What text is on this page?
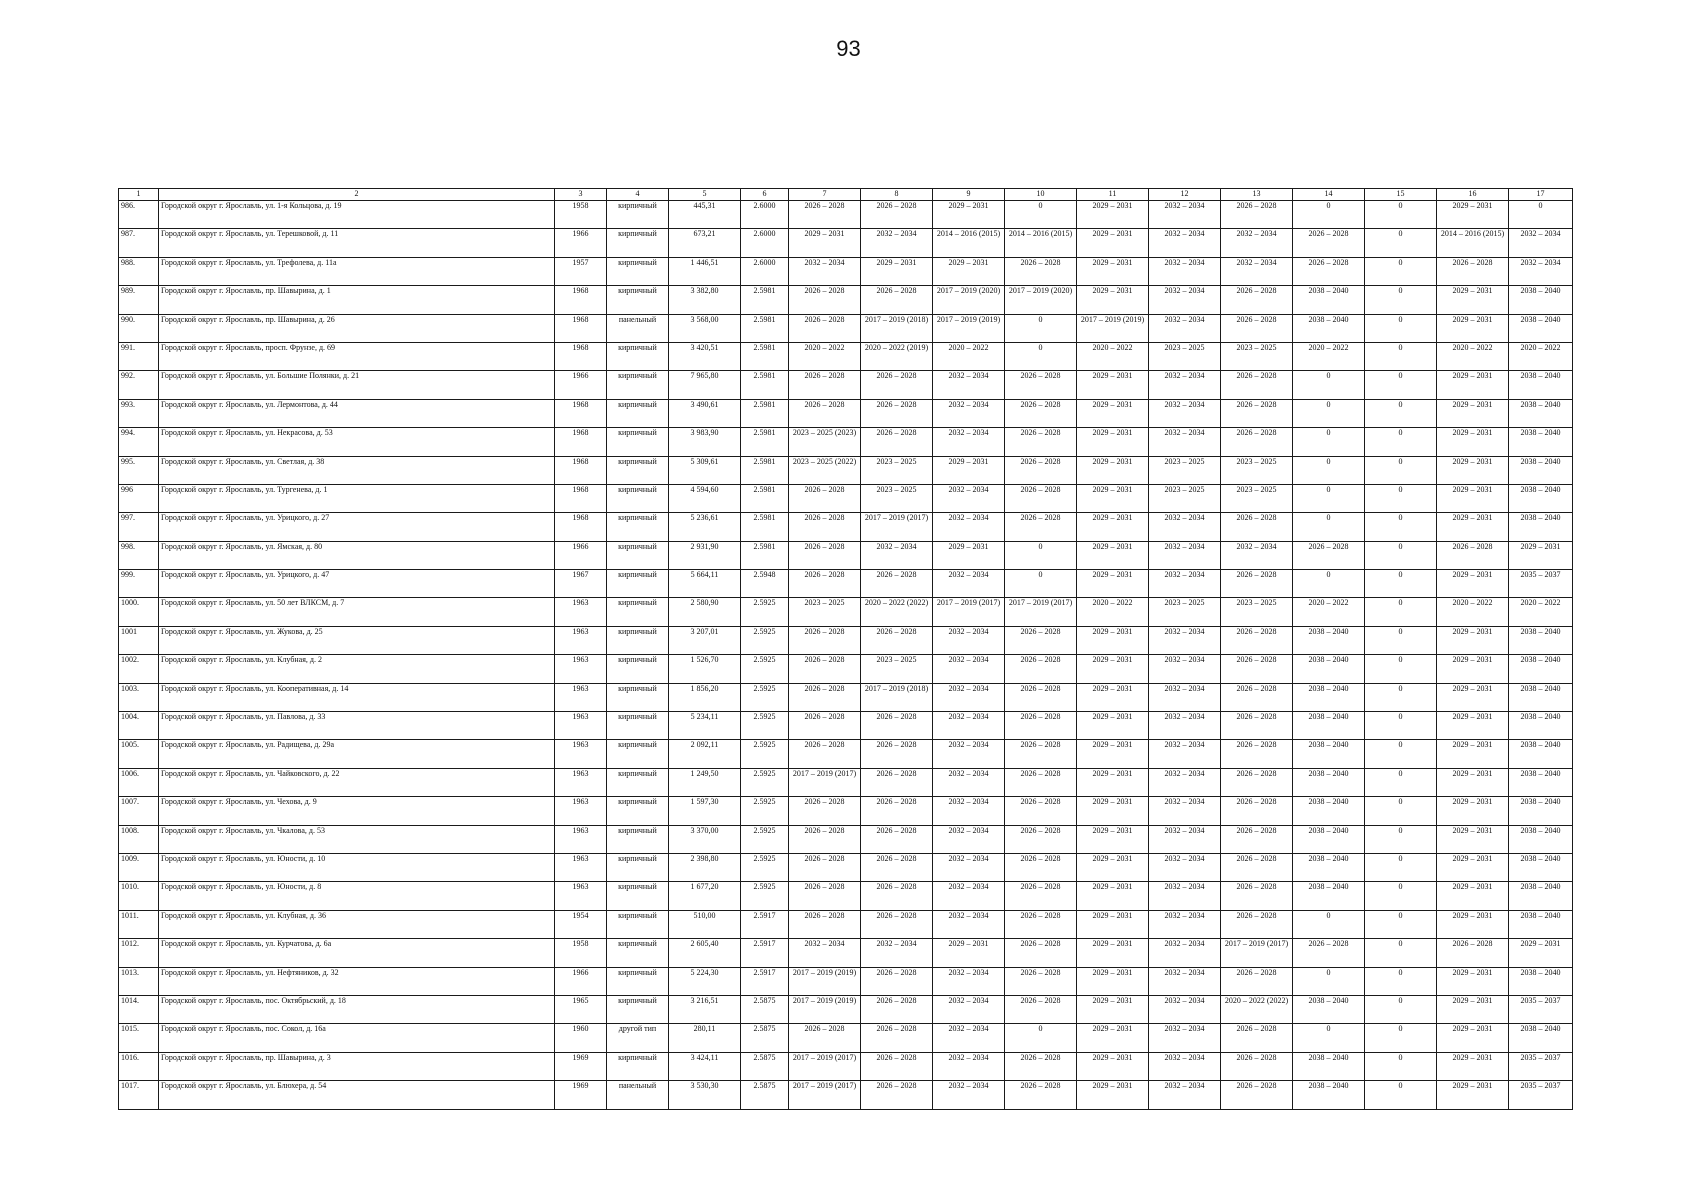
93
1	2	3	4	5	6	7	8	9	10	11	12	13	14	15	16	17
986.	Городской округ г. Ярославль, ул. 1-я Кольцова, д. 19	1958	кирпичный	445,31	2.6000	2026 – 2028	2026 – 2028	2029 – 2031	0	2029 – 2031	2032 – 2034	2026 – 2028	0	0	2029 – 2031	0
987.	Городской округ г. Ярославль, ул. Терешковой, д. 11	1966	кирпичный	673,21	2.6000	2029 – 2031	2032 – 2034	2014 – 2016 (2015)	2014 – 2016 (2015)	2029 – 2031	2032 – 2034	2032 – 2034	2026 – 2028	0	2014 – 2016 (2015)	2032 – 2034
988.	Городской округ г. Ярославль, ул. Трефолева, д. 11а	1957	кирпичный	1 446,51	2.6000	2032 – 2034	2029 – 2031	2029 – 2031	2026 – 2028	2029 – 2031	2032 – 2034	2032 – 2034	2026 – 2028	0	2026 – 2028	2032 – 2034
989.	Городской округ г. Ярославль, пр. Шавырина, д. 1	1968	кирпичный	3 382,80	2.5981	2026 – 2028	2026 – 2028	2017 – 2019 (2020)	2017 – 2019 (2020)	2029 – 2031	2032 – 2034	2026 – 2028	2038 – 2040	0	2029 – 2031	2038 – 2040
990.	Городской округ г. Ярославль, пр. Шавырина, д. 26	1968	панельный	3 568,00	2.5981	2026 – 2028	2017 – 2019 (2018)	2017 – 2019 (2019)	0	2017 – 2019 (2019)	2032 – 2034	2026 – 2028	2038 – 2040	0	2029 – 2031	2038 – 2040
991.	Городской округ г. Ярославль, просп. Фрунзе, д. 69	1968	кирпичный	3 420,51	2.5981	2020 – 2022	2020 – 2022 (2019)	2020 – 2022	0	2020 – 2022	2023 – 2025	2023 – 2025	2020 – 2022	0	2020 – 2022	2020 – 2022
992.	Городской округ г. Ярославль, ул. Большие Полянки, д. 21	1966	кирпичный	7 965,80	2.5981	2026 – 2028	2026 – 2028	2032 – 2034	2026 – 2028	2029 – 2031	2032 – 2034	2026 – 2028	0	0	2029 – 2031	2038 – 2040
993.	Городской округ г. Ярославль, ул. Лермонтова, д. 44	1968	кирпичный	3 490,61	2.5981	2026 – 2028	2026 – 2028	2032 – 2034	2026 – 2028	2029 – 2031	2032 – 2034	2026 – 2028	0	0	2029 – 2031	2038 – 2040
994.	Городской округ г. Ярославль, ул. Некрасова, д. 53	1968	кирпичный	3 983,90	2.5981	2023 – 2025 (2023)	2026 – 2028	2032 – 2034	2026 – 2028	2029 – 2031	2032 – 2034	2026 – 2028	0	0	2029 – 2031	2038 – 2040
995.	Городской округ г. Ярославль, ул. Светлая, д. 38	1968	кирпичный	5 309,61	2.5981	2023 – 2025 (2022)	2023 – 2025	2029 – 2031	2026 – 2028	2029 – 2031	2023 – 2025	2023 – 2025	0	0	2029 – 2031	2038 – 2040
996	Городской округ г. Ярославль, ул. Тургенева, д. 1	1968	кирпичный	4 594,60	2.5981	2026 – 2028	2023 – 2025	2032 – 2034	2026 – 2028	2029 – 2031	2023 – 2025	2023 – 2025	0	0	2029 – 2031	2038 – 2040
997.	Городской округ г. Ярославль, ул. Урицкого, д. 27	1968	кирпичный	5 236,61	2.5981	2026 – 2028	2017 – 2019 (2017)	2032 – 2034	2026 – 2028	2029 – 2031	2032 – 2034	2026 – 2028	0	0	2029 – 2031	2038 – 2040
998.	Городской округ г. Ярославль, ул. Ямская, д. 80	1966	кирпичный	2 931,90	2.5981	2026 – 2028	2032 – 2034	2029 – 2031	0	2029 – 2031	2032 – 2034	2032 – 2034	2026 – 2028	0	2026 – 2028	2029 – 2031
999.	Городской округ г. Ярославль, ул. Урицкого, д. 47	1967	кирпичный	5 664,11	2.5948	2026 – 2028	2026 – 2028	2032 – 2034	0	2029 – 2031	2032 – 2034	2026 – 2028	0	0	2029 – 2031	2035 – 2037
1000.	Городской округ г. Ярославль, ул. 50 лет ВЛКСМ, д. 7	1963	кирпичный	2 580,90	2.5925	2023 – 2025	2020 – 2022 (2022)	2017 – 2019 (2017)	2017 – 2019 (2017)	2020 – 2022	2023 – 2025	2023 – 2025	2020 – 2022	0	2020 – 2022	2020 – 2022
1001	Городской округ г. Ярославль, ул. Жукова, д. 25	1963	кирпичный	3 207,01	2.5925	2026 – 2028	2026 – 2028	2032 – 2034	2026 – 2028	2029 – 2031	2032 – 2034	2026 – 2028	2038 – 2040	0	2029 – 2031	2038 – 2040
1002.	Городской округ г. Ярославль, ул. Клубная, д. 2	1963	кирпичный	1 526,70	2.5925	2026 – 2028	2023 – 2025	2032 – 2034	2026 – 2028	2029 – 2031	2032 – 2034	2026 – 2028	2038 – 2040	0	2029 – 2031	2038 – 2040
1003.	Городской округ г. Ярославль, ул. Кооперативная, д. 14	1963	кирпичный	1 856,20	2.5925	2026 – 2028	2017 – 2019 (2018)	2032 – 2034	2026 – 2028	2029 – 2031	2032 – 2034	2026 – 2028	2038 – 2040	0	2029 – 2031	2038 – 2040
1004.	Городской округ г. Ярославль, ул. Павлова, д. 33	1963	кирпичный	5 234,11	2.5925	2026 – 2028	2026 – 2028	2032 – 2034	2026 – 2028	2029 – 2031	2032 – 2034	2026 – 2028	2038 – 2040	0	2029 – 2031	2038 – 2040
1005.	Городской округ г. Ярославль, ул. Радищева, д. 29а	1963	кирпичный	2 092,11	2.5925	2026 – 2028	2026 – 2028	2032 – 2034	2026 – 2028	2029 – 2031	2032 – 2034	2026 – 2028	2038 – 2040	0	2029 – 2031	2038 – 2040
1006.	Городской округ г. Ярославль, ул. Чайковского, д. 22	1963	кирпичный	1 249,50	2.5925	2017 – 2019 (2017)	2026 – 2028	2032 – 2034	2026 – 2028	2029 – 2031	2032 – 2034	2026 – 2028	2038 – 2040	0	2029 – 2031	2038 – 2040
1007.	Городской округ г. Ярославль, ул. Чехова, д. 9	1963	кирпичный	1 597,30	2.5925	2026 – 2028	2026 – 2028	2032 – 2034	2026 – 2028	2029 – 2031	2032 – 2034	2026 – 2028	2038 – 2040	0	2029 – 2031	2038 – 2040
1008.	Городской округ г. Ярославль, ул. Чкалова, д. 53	1963	кирпичный	3 370,00	2.5925	2026 – 2028	2026 – 2028	2032 – 2034	2026 – 2028	2029 – 2031	2032 – 2034	2026 – 2028	2038 – 2040	0	2029 – 2031	2038 – 2040
1009.	Городской округ г. Ярославль, ул. Юности, д. 10	1963	кирпичный	2 398,80	2.5925	2026 – 2028	2026 – 2028	2032 – 2034	2026 – 2028	2029 – 2031	2032 – 2034	2026 – 2028	2038 – 2040	0	2029 – 2031	2038 – 2040
1010.	Городской округ г. Ярославль, ул. Юности, д. 8	1963	кирпичный	1 677,20	2.5925	2026 – 2028	2026 – 2028	2032 – 2034	2026 – 2028	2029 – 2031	2032 – 2034	2026 – 2028	2038 – 2040	0	2029 – 2031	2038 – 2040
1011.	Городской округ г. Ярославль, ул. Клубная, д. 36	1954	кирпичный	510,00	2.5917	2026 – 2028	2026 – 2028	2032 – 2034	2026 – 2028	2029 – 2031	2032 – 2034	2026 – 2028	0	0	2029 – 2031	2038 – 2040
1012.	Городской округ г. Ярославль, ул. Курчатова, д. 6а	1958	кирпичный	2 605,40	2.5917	2032 – 2034	2032 – 2034	2029 – 2031	2026 – 2028	2029 – 2031	2032 – 2034	2017 – 2019 (2017)	2026 – 2028	0	2026 – 2028	2029 – 2031
1013.	Городской округ г. Ярославль, ул. Нефтяников, д. 32	1966	кирпичный	5 224,30	2.5917	2017 – 2019 (2019)	2026 – 2028	2032 – 2034	2026 – 2028	2029 – 2031	2032 – 2034	2026 – 2028	0	0	2029 – 2031	2038 – 2040
1014.	Городской округ г. Ярославль, пос. Октябрьский, д. 18	1965	кирпичный	3 216,51	2.5875	2017 – 2019 (2019)	2026 – 2028	2032 – 2034	2026 – 2028	2029 – 2031	2032 – 2034	2020 – 2022 (2022)	2038 – 2040	0	2029 – 2031	2035 – 2037
1015.	Городской округ г. Ярославль, пос. Сокол, д. 16а	1960	другой тип	280,11	2.5875	2026 – 2028	2026 – 2028	2032 – 2034	0	2029 – 2031	2032 – 2034	2026 – 2028	0	0	2029 – 2031	2038 – 2040
1016.	Городской округ г. Ярославль, пр. Шавырина, д. 3	1969	кирпичный	3 424,11	2.5875	2017 – 2019 (2017)	2026 – 2028	2032 – 2034	2026 – 2028	2029 – 2031	2032 – 2034	2026 – 2028	2038 – 2040	0	2029 – 2031	2035 – 2037
1017.	Городской округ г. Ярославль, ул. Блюхера, д. 54	1969	панельный	3 530,30	2.5875	2017 – 2019 (2017)	2026 – 2028	2032 – 2034	2026 – 2028	2029 – 2031	2032 – 2034	2026 – 2028	2038 – 2040	0	2029 – 2031	2035 – 2037
